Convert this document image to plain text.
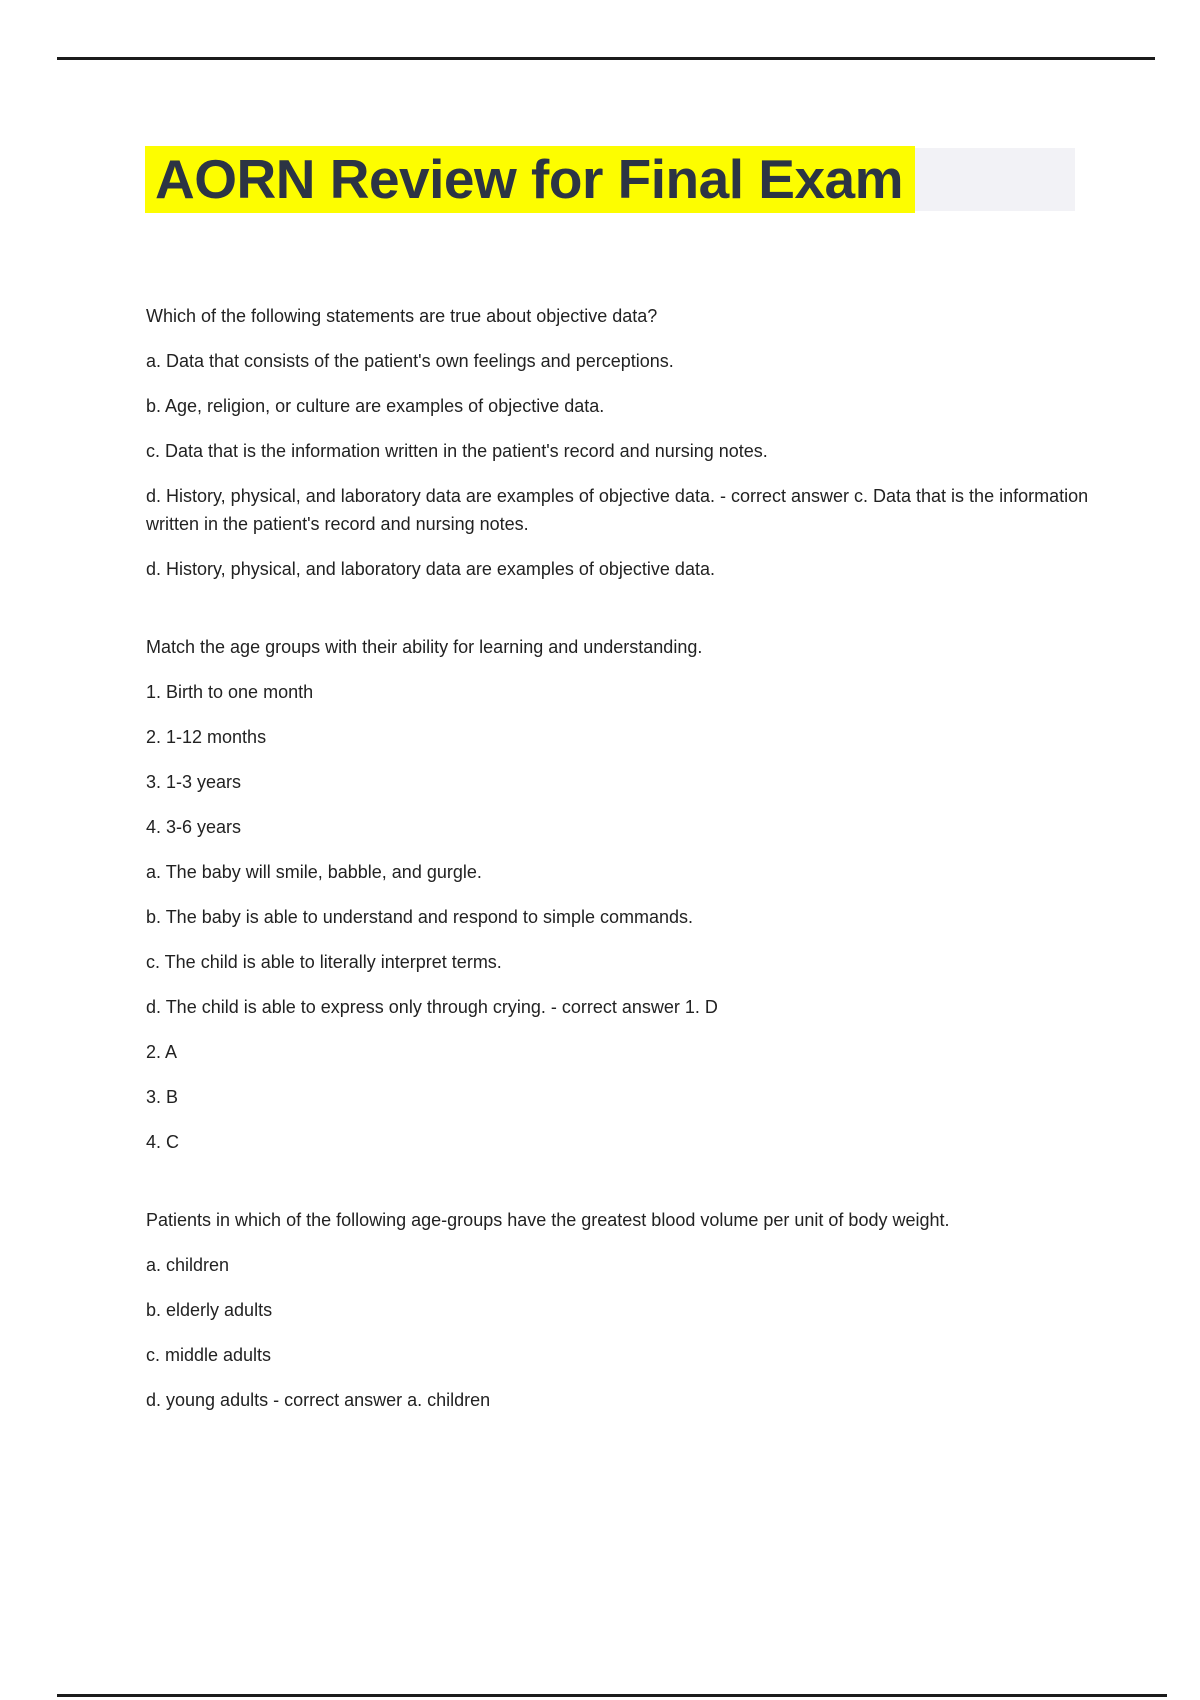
AORN Review for Final Exam

Which of the following statements are true about objective data?

a. Data that consists of the patient's own feelings and perceptions.

b. Age, religion, or culture are examples of objective data.

c. Data that is the information written in the patient's record and nursing notes.

d. History, physical, and laboratory data are examples of objective data. - correct answer c. Data that is the information written in the patient's record and nursing notes.

d. History, physical, and laboratory data are examples of objective data.

Match the age groups with their ability for learning and understanding.

1. Birth to one month

2. 1-12 months

3. 1-3 years

4. 3-6 years

a. The baby will smile, babble, and gurgle.

b. The baby is able to understand and respond to simple commands.

c. The child is able to literally interpret terms.

d. The child is able to express only through crying. - correct answer 1. D

2. A

3. B

4. C

Patients in which of the following age-groups have the greatest blood volume per unit of body weight.

a. children

b. elderly adults

c. middle adults

d. young adults - correct answer a. children
